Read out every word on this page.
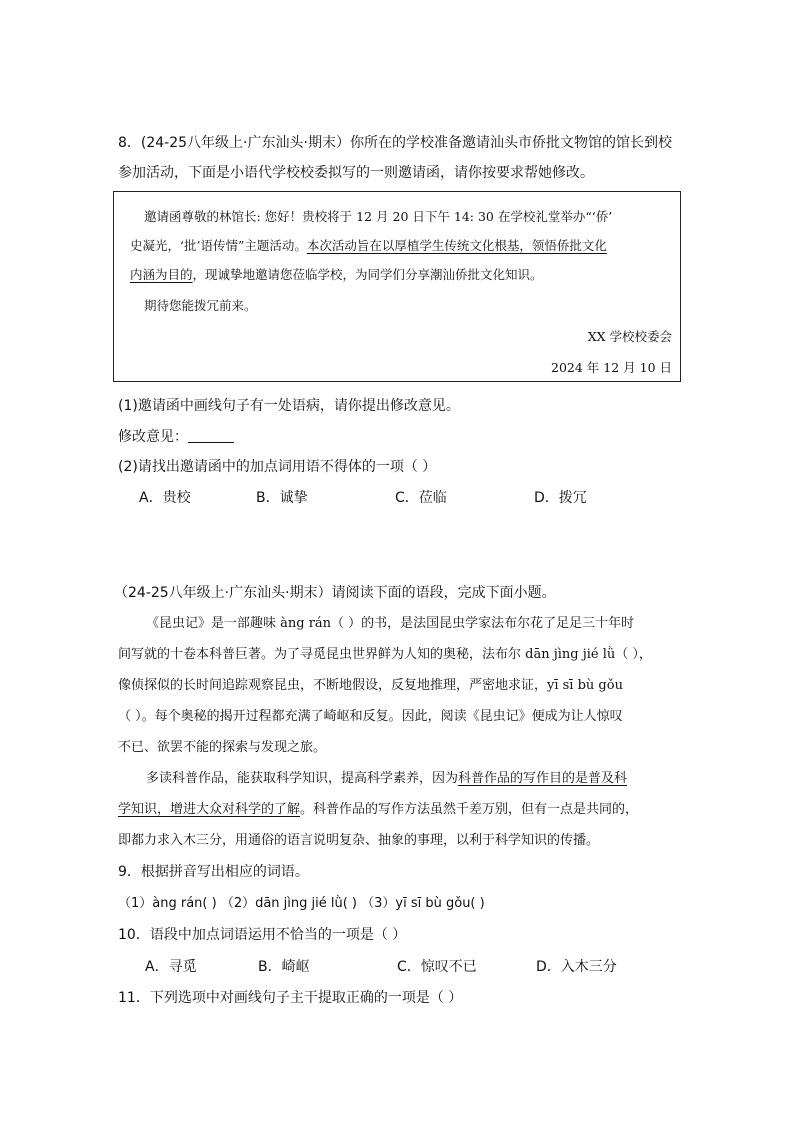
8．(24-25八年级上·广东汕头·期末）你所在的学校准备邀请汕头市侨批文物馆的馆长到校
参加活动，下面是小语代学校校委拟写的一则邀请函，请你按要求帮她修改。
邀请函尊敬的林馆长: 您好！贵校将于 12 月 20 日下午 14: 30 在学校礼堂举办“‘侨’
史凝光，‘批’语传情”主题活动。本次活动旨在以厚植学生传统文化根基，领悟侨批文化
内涵为目的，现诚挚地邀请您莅临学校，为同学们分享潮汕侨批文化知识。
期待您能拨冗前来。
XX 学校校委会
2024 年 12 月 10 日
(1)邀请函中画线句子有一处语病，请你提出修改意见。
修改意见：
(2)请找出邀请函中的加点词用语不得体的一项（ ）
A．贵校	B．诚挚	C．莅临	D．拨冗
（24-25八年级上·广东汕头·期末）请阅读下面的语段，完成下面小题。
《昆虫记》是一部趣味 àng rán（ ）的书，是法国昆虫学家法布尔花了足足三十年时
间写就的十卷本科普巨著。为了寻觅昆虫世界鲜为人知的奥秘，法布尔 dān jìng jié lǜ（ ），
像侦探似的长时间追踪观察昆虫，不断地假设，反复地推理，严密地求证，yī sī bù gǒu
（ ）。每个奥秘的揭开过程都充满了崎岖和反复。因此，阅读《昆虫记》便成为让人惊叹
不已、欲罢不能的探索与发现之旅。
多读科普作品，能获取科学知识，提高科学素养，因为科普作品的写作目的是普及科
学知识，增进大众对科学的了解。科普作品的写作方法虽然千差万别，但有一点是共同的，
即都力求入木三分，用通俗的语言说明复杂、抽象的事理，以利于科学知识的传播。
9．根据拼音写出相应的词语。
（1）àng rán( ) （2）dān jìng jié lǜ( ) （3）yī sī bù gǒu( )
10．语段中加点词语运用不恰当的一项是（ ）
A．寻觅	B．崎岖	C．惊叹不已	D．入木三分
11．下列选项中对画线句子主干提取正确的一项是（ ）
